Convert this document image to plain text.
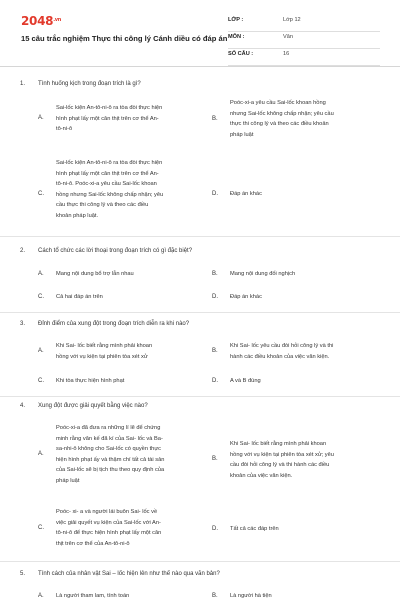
$2048^{.vn}$
15 câu trắc nghiệm Thực thi công lý Cánh diều có đáp án
LỚP :	Lớp 12
MÔN :	Văn
SỐ CÂU :	16
1. Tình huống kịch trong đoạn trích là gì?
A.
Sai-lốc kiện An-tô-ni-ô ra tòa đòi thực hiện
hình phạt lấy một cân thịt trên cơ thể An-
tô-ni-ô
B.
Poóc-xi-a yêu cầu Sai-lốc khoan hồng
nhưng Sai-lốc không chấp nhận; yêu cầu
thực thi công lý và theo các điều khoản
pháp luật
C.
Sai-lốc kiện An-tô-ni-ô ra tòa đòi thực hiện
hình phạt lấy một cân thịt trên cơ thể An-
tô-ni-ô. Poóc-xi-a yêu cầu Sai-lốc khoan
hồng nhưng Sai-lốc không chấp nhận; yêu
cầu thực thi công lý và theo các điều
khoản pháp luật.
D. Đáp án khác
2. Cách tổ chức các lời thoại trong đoạn trích có gì đặc biệt?
A. Mang nội dung bổ trợ lẫn nhau	B. Mang nội dung đối nghịch
C. Cả hai đáp án trên	D. Đáp án khác
3. Đỉnh điểm của xung đột trong đoạn trích diễn ra khi nào?
A.
Khi Sai- lốc biết rằng mình phải khoan
hồng với vụ kiện tại phiên tòa xét xử
B.
Khi Sai- lốc yêu cầu đòi hỏi công lý và thi
hành các điều khoản của việc văn kiện.
C. Khi tòa thực hiện hình phạt	D. A và B đúng
4. Xung đột được giải quyết bằng việc nào?
A.
Poóc-xi-a đã đưa ra những lí lẽ để chứng
minh rằng văn kế đã kí của Sai- lốc và Ba-
sa-nhi-ô không cho Sai-lốc có quyền thực
hiện hình phạt ấy và thậm chí tất cả tài sản
của Sai-lốc sẽ bị tịch thu theo quy định của
pháp luật
B.
Khi Sai- lốc biết rằng mình phải khoan
hồng với vụ kiện tại phiên tòa xét xử; yêu
cầu đòi hỏi công lý và thi hành các điều
khoản của việc văn kiện.
C.
Poóc- xi- a và người lái buôn Sai- lốc về
việc giải quyết vụ kiện của Sai-lốc với An-
tô-ni-ô để thực hiện hình phạt lấy một cân
thịt trên cơ thể của An-tô-ni-ô
D. Tất cả các đáp trên
5. Tính cách của nhân vật Sai – lốc hiện lên như thế nào qua văn bản?
A. Là người tham lam, tính toán	B. Là người hà tiện
